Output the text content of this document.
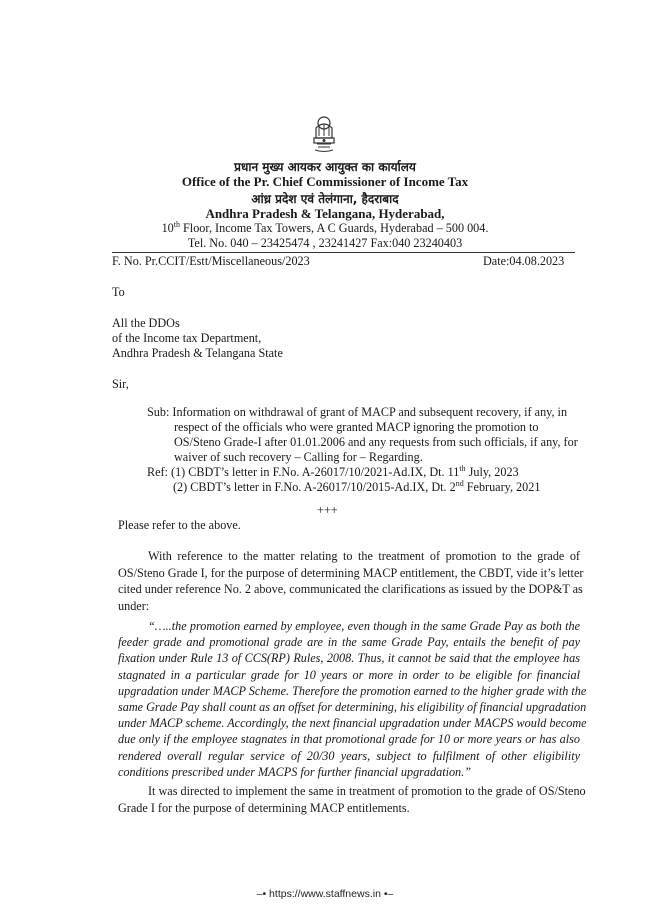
प्रधान मुख्य आयकर आयुक्त का कार्यालय
Office of the Pr. Chief Commissioner of Income Tax
आंध्र प्रदेश एवं तेलंगाना, हैदराबाद
Andhra Pradesh & Telangana, Hyderabad,
10th Floor, Income Tax Towers, A C Guards, Hyderabad – 500 004.
Tel. No. 040 – 23425474 , 23241427 Fax:040 23240403
F. No. Pr.CCIT/Estt/Miscellaneous/2023	Date:04.08.2023
To
All the DDOs
of the Income tax Department,
Andhra Pradesh & Telangana State
Sir,
Sub: Information on withdrawal of grant of MACP and subsequent recovery, if any, in
respect of the officials who were granted MACP ignoring the promotion to
OS/Steno Grade-I after 01.01.2006 and any requests from such officials, if any, for
waiver of such recovery – Calling for – Regarding.
Ref: (1) CBDT’s letter in F.No. A-26017/10/2021-Ad.IX, Dt. 11th July, 2023
(2) CBDT’s letter in F.No. A-26017/10/2015-Ad.IX, Dt. 2nd February, 2021
+++
Please refer to the above.
With reference to the matter relating to the treatment of promotion to the grade of
OS/Steno Grade I, for the purpose of determining MACP entitlement, the CBDT, vide it’s letter
cited under reference No. 2 above, communicated the clarifications as issued by the DOP&T as
under:
“…..the promotion earned by employee, even though in the same Grade Pay as both the
feeder grade and promotional grade are in the same Grade Pay, entails the benefit of pay
fixation under Rule 13 of CCS(RP) Rules, 2008. Thus, it cannot be said that the employee has
stagnated in a particular grade for 10 years or more in order to be eligible for financial
upgradation under MACP Scheme. Therefore the promotion earned to the higher grade with the
same Grade Pay shall count as an offset for determining, his eligibility of financial upgradation
under MACP scheme. Accordingly, the next financial upgradation under MACPS would become
due only if the employee stagnates in that promotional grade for 10 or more years or has also
rendered overall regular service of 20/30 years, subject to fulfilment of other eligibility
conditions prescribed under MACPS for further financial upgradation.”
It was directed to implement the same in treatment of promotion to the grade of OS/Steno
Grade I for the purpose of determining MACP entitlements.
–• https://www.staffnews.in •–
